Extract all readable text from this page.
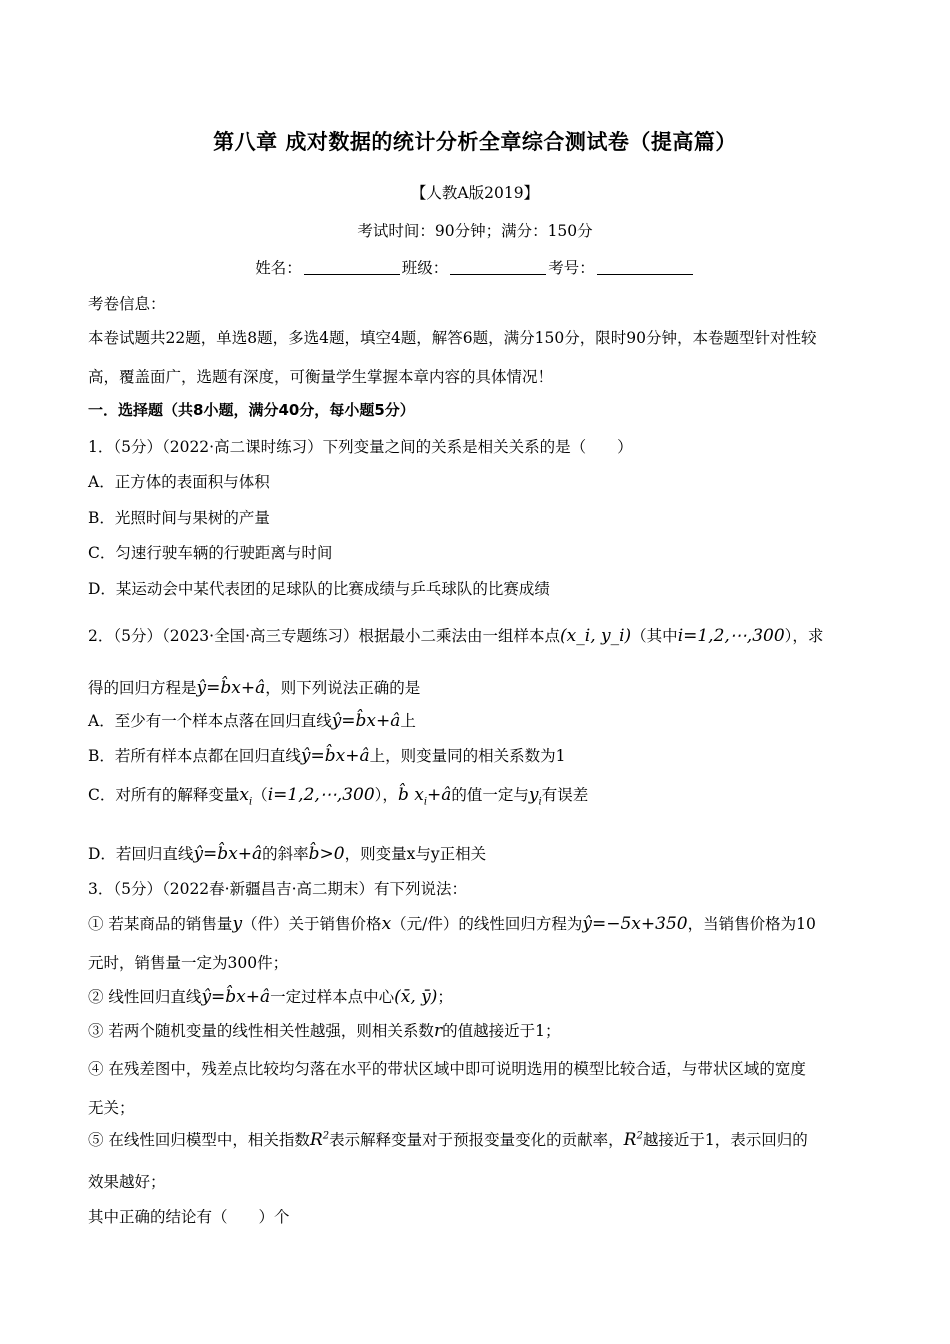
第八章 成对数据的统计分析全章综合测试卷（提高篇）
【人教A版2019】
考试时间：90分钟；满分：150分
姓名：	班级：	考号：
考卷信息：
本卷试题共22题，单选8题，多选4题，填空4题，解答6题，满分150分，限时90分钟，本卷题型针对性较
高，覆盖面广，选题有深度，可衡量学生掌握本章内容的具体情况！
一．选择题（共8小题，满分40分，每小题5分）
1．（5分）（2022·高二课时练习）下列变量之间的关系是相关关系的是（　　）
A．正方体的表面积与体积
B．光照时间与果树的产量
C．匀速行驶车辆的行驶距离与时间
D．某运动会中某代表团的足球队的比赛成绩与乒乓球队的比赛成绩
2．（5分）（2023·全国·高三专题练习）根据最小二乘法由一组样本点(x_i, y_i)（其中i=1,2,⋯,300），求
得的回归方程是ŷ=b̂x+â，则下列说法正确的是
A．至少有一个样本点落在回归直线ŷ=b̂x+â上
B．若所有样本点都在回归直线ŷ=b̂x+â上，则变量同的相关系数为1
C．对所有的解释变量$x_i(i=1,2,\cdots,300)$，b̂ $x_i+â$的值一定与$y_i$有误差
D．若回归直线ŷ=b̂x+â的斜率b̂>0，则变量x与y正相关
3．（5分）（2022春·新疆昌吉·高二期末）有下列说法：
① 若某商品的销售量y（件）关于销售价格x（元/件）的线性回归方程为ŷ=−5x+350，当销售价格为10
元时，销售量一定为300件；
② 线性回归直线ŷ=b̂x+â一定过样本点中心(x̄, ȳ)；
③ 若两个随机变量的线性相关性越强，则相关系数r的值越接近于1；
④ 在残差图中，残差点比较均匀落在水平的带状区域中即可说明选用的模型比较合适，与带状区域的宽度
无关；
⑤ 在线性回归模型中，相关指数$R^2$表示解释变量对于预报变量变化的贡献率，$R^2$越接近于1，表示回归的
效果越好；
其中正确的结论有（　　）个
